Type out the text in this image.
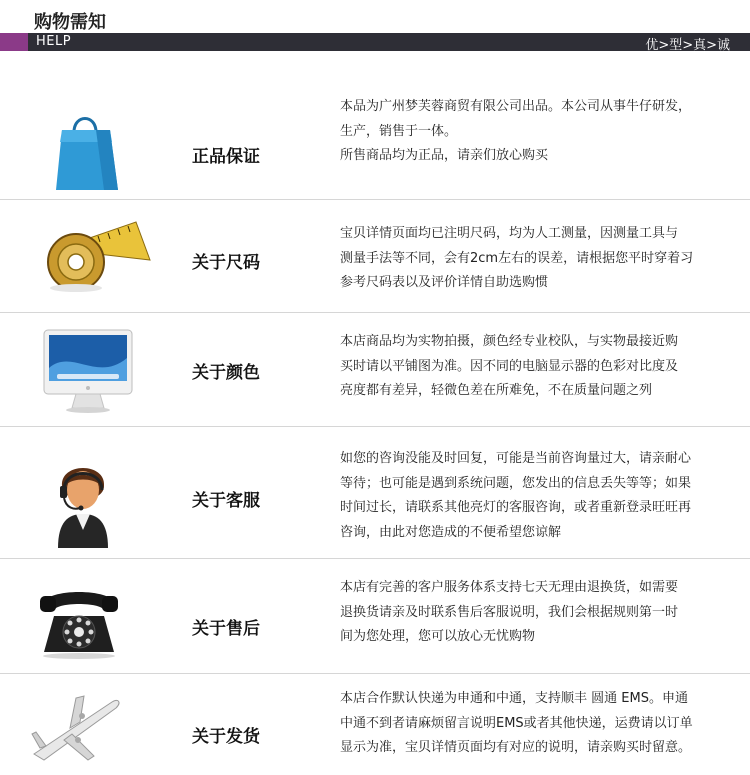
购物需知
HELP	优>型>真>诚
正品保证
本品为广州梦芙蓉商贸有限公司出品。本公司从事牛仔研发，
生产，销售于一体。
所售商品均为正品，请亲们放心购买
关于尺码
宝贝详情页面均已注明尺码，均为人工测量，因测量工具与
测量手法等不同，会有2cm左右的误差，请根据您平时穿着习
参考尺码表以及评价详情自助选购惯
关于颜色
本店商品均为实物拍摄，颜色经专业校队，与实物最接近购
买时请以平铺图为准。因不同的电脑显示器的色彩对比度及
亮度都有差异，轻微色差在所难免，不在质量问题之列
关于客服
如您的咨询没能及时回复，可能是当前咨询量过大，请亲耐心
等待；也可能是遇到系统问题，您发出的信息丢失等等；如果
时间过长，请联系其他亮灯的客服咨询，或者重新登录旺旺再
咨询，由此对您造成的不便希望您谅解
关于售后
本店有完善的客户服务体系支持七天无理由退换货，如需要
退换货请亲及时联系售后客服说明，我们会根据规则第一时
间为您处理，您可以放心无忧购物
关于发货
本店合作默认快递为申通和中通，支持顺丰 圆通 EMS。申通
中通不到者请麻烦留言说明EMS或者其他快递，运费请以订单
显示为准，宝贝详情页面均有对应的说明，请亲购买时留意。
